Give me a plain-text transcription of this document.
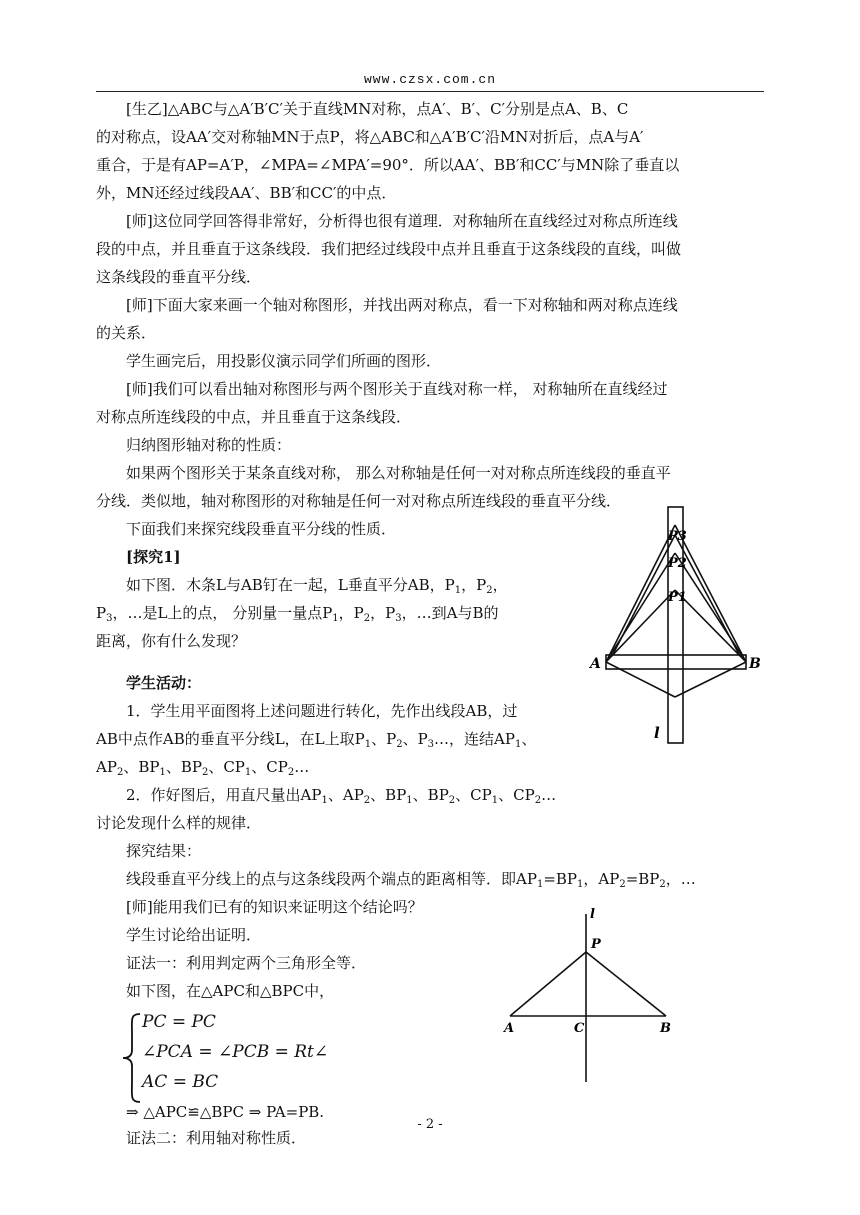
www.czsx.com.cn
[生乙]△ABC与△A′B′C′关于直线MN对称，点A′、B′、C′分别是点A、B、C
的对称点，设AA′交对称轴MN于点P，将△ABC和△A′B′C′沿MN对折后，点A与A′
重合，于是有AP=A′P，∠MPA=∠MPA′=90°．所以AA′、BB′和CC′与MN除了垂直以
外，MN还经过线段AA′、BB′和CC′的中点．
[师]这位同学回答得非常好，分析得也很有道理．对称轴所在直线经过对称点所连线
段的中点，并且垂直于这条线段．我们把经过线段中点并且垂直于这条线段的直线，叫做
这条线段的垂直平分线．
[师]下面大家来画一个轴对称图形，并找出两对称点，看一下对称轴和两对称点连线
的关系．
学生画完后，用投影仪演示同学们所画的图形．
[师]我们可以看出轴对称图形与两个图形关于直线对称一样， 对称轴所在直线经过
对称点所连线段的中点，并且垂直于这条线段．
归纳图形轴对称的性质：
如果两个图形关于某条直线对称， 那么对称轴是任何一对对称点所连线段的垂直平
分线．类似地，轴对称图形的对称轴是任何一对对称点所连线段的垂直平分线．
下面我们来探究线段垂直平分线的性质．
[探究1]
如下图．木条L与AB钉在一起，L垂直平分AB，$P_1$，$P_2$，
$P_3$，…是L上的点， 分别量一量点$P_1$，$P_2$，$P_3$，…到A与B的
距离，你有什么发现？
学生活动：
1．学生用平面图将上述问题进行转化，先作出线段AB，过
AB中点作AB的垂直平分线L，在L上取$P_1$、$P_2$、$P_3\dots$，连结$AP_1$、
$AP_2$、$BP_1$、$BP_2$、$CP_1$、$CP_2\dots$
2．作好图后，用直尺量出$AP_1$、$AP_2$、$BP_1$、$BP_2$、$CP_1$、$CP_2\dots$
讨论发现什么样的规律．
探究结果：
线段垂直平分线上的点与这条线段两个端点的距离相等．即$AP_1=BP_1$，$AP_2=BP_2$，…
[师]能用我们已有的知识来证明这个结论吗？
学生讨论给出证明．
证法一：利用判定两个三角形全等．
如下图，在△APC和△BPC中，
PC = PC
∠PCA = ∠PCB = Rt∠
AC = BC
⇒ △APC≌△BPC ⇒ PA=PB.
证法二：利用轴对称性质．
P3
P2
P1
A	B
l
l
P
A	C	B
- 2 -
